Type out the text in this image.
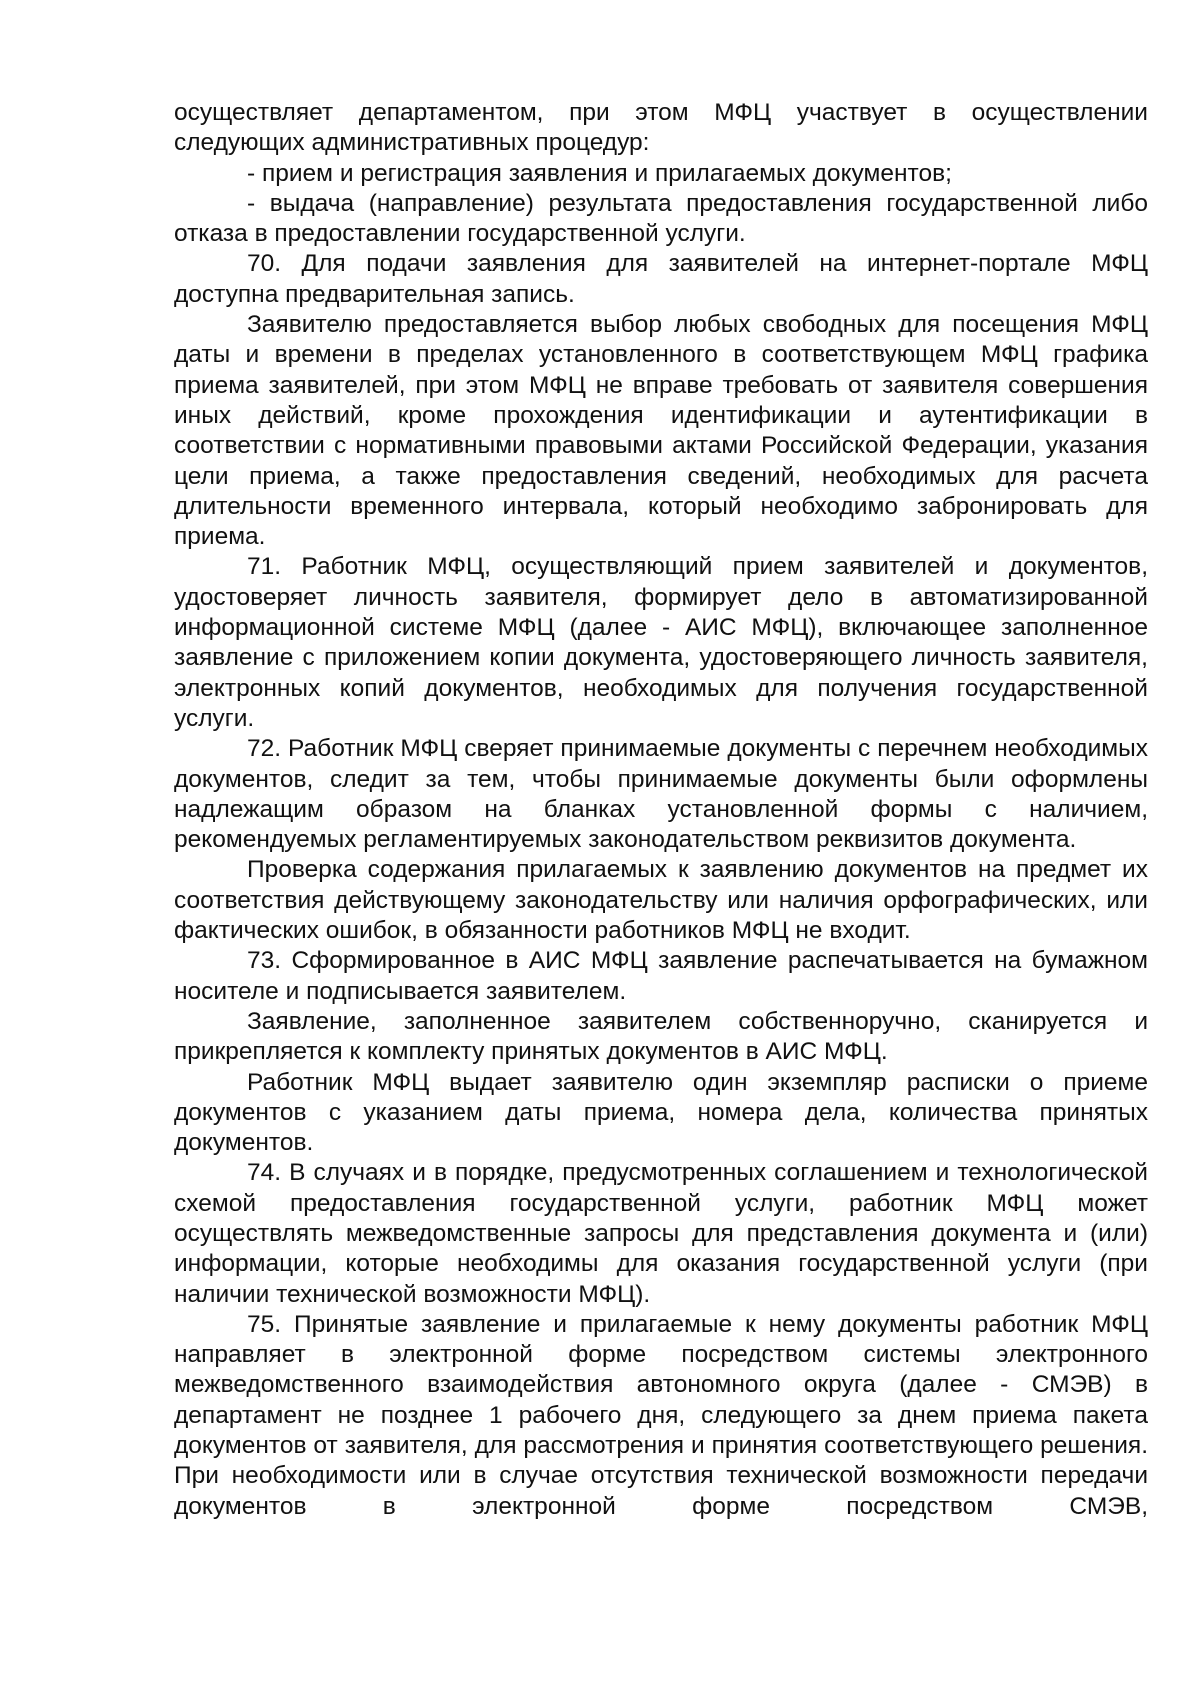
осуществляет департаментом, при этом МФЦ участвует в осуществлении следующих административных процедур:

- прием и регистрация заявления и прилагаемых документов;

- выдача (направление) результата предоставления государственной либо отказа в предоставлении государственной услуги.

70. Для подачи заявления для заявителей на интернет-портале МФЦ доступна предварительная запись.

Заявителю предоставляется выбор любых свободных для посещения МФЦ даты и времени в пределах установленного в соответствующем МФЦ графика приема заявителей, при этом МФЦ не вправе требовать от заявителя совершения иных действий, кроме прохождения идентификации и аутентификации в соответствии с нормативными правовыми актами Российской Федерации, указания цели приема, а также предоставления сведений, необходимых для расчета длительности временного интервала, который необходимо забронировать для приема.

71. Работник МФЦ, осуществляющий прием заявителей и документов, удостоверяет личность заявителя, формирует дело в автоматизированной информационной системе МФЦ (далее - АИС МФЦ), включающее заполненное заявление с приложением копии документа, удостоверяющего личность заявителя, электронных копий документов, необходимых для получения государственной услуги.

72. Работник МФЦ сверяет принимаемые документы с перечнем необходимых документов, следит за тем, чтобы принимаемые документы были оформлены надлежащим образом на бланках установленной формы с наличием, рекомендуемых регламентируемых законодательством реквизитов документа.

Проверка содержания прилагаемых к заявлению документов на предмет их соответствия действующему законодательству или наличия орфографических, или фактических ошибок, в обязанности работников МФЦ не входит.

73. Сформированное в АИС МФЦ заявление распечатывается на бумажном носителе и подписывается заявителем.

Заявление, заполненное заявителем собственноручно, сканируется и прикрепляется к комплекту принятых документов в АИС МФЦ.

Работник МФЦ выдает заявителю один экземпляр расписки о приеме документов с указанием даты приема, номера дела, количества принятых документов.

74. В случаях и в порядке, предусмотренных соглашением и технологической схемой предоставления государственной услуги, работник МФЦ может осуществлять межведомственные запросы для представления документа и (или) информации, которые необходимы для оказания государственной услуги (при наличии технической возможности МФЦ).

75. Принятые заявление и прилагаемые к нему документы работник МФЦ направляет в электронной форме посредством системы электронного межведомственного взаимодействия автономного округа (далее - СМЭВ) в департамент не позднее 1 рабочего дня, следующего за днем приема пакета документов от заявителя, для рассмотрения и принятия соответствующего решения. При необходимости или в случае отсутствия технической возможности передачи документов в электронной форме посредством СМЭВ,
